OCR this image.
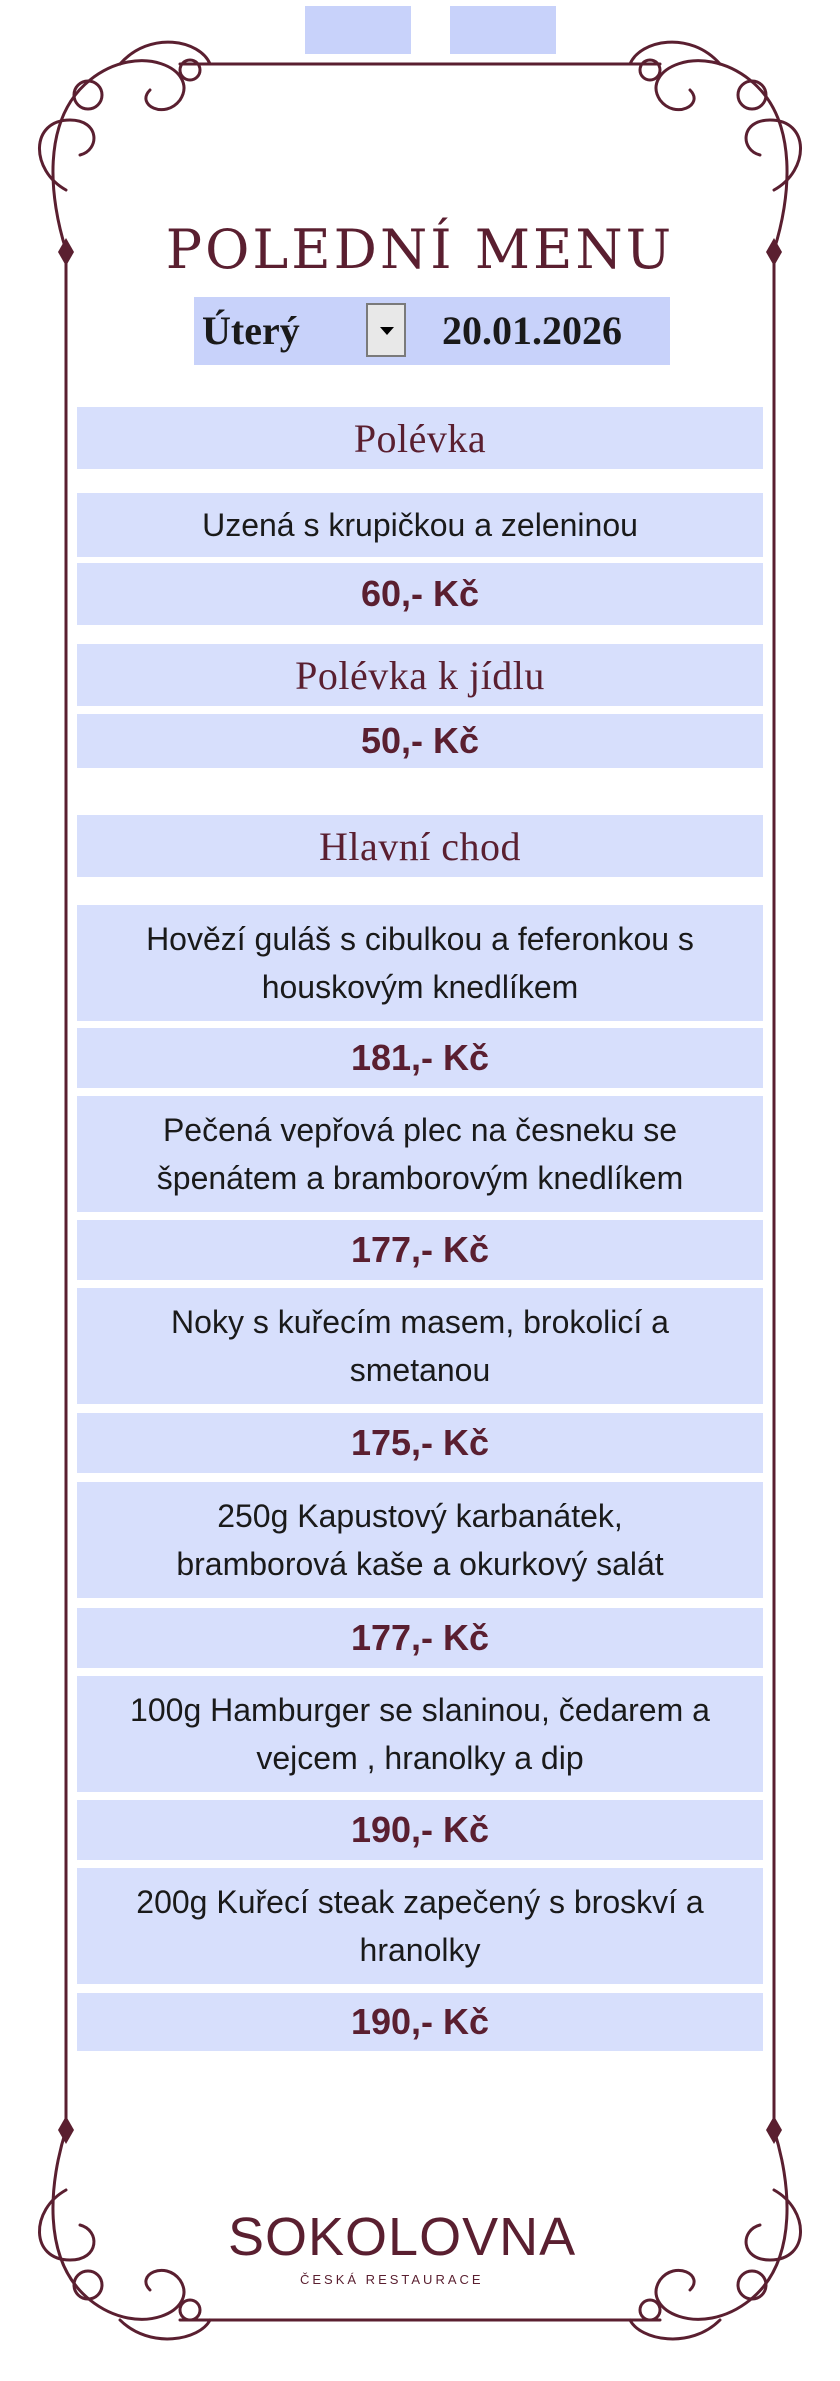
POLEDNÍ MENU
Úterý	20.01.2026
Polévka
Uzená s krupičkou a zeleninou
60,- Kč
Polévka k jídlu
50,- Kč
Hlavní chod
Hovězí guláš s cibulkou a feferonkou s
houskovým knedlíkem
181,- Kč
Pečená vepřová plec na česneku se
špenátem a bramborovým knedlíkem
177,- Kč
Noky s kuřecím masem, brokolicí a
smetanou
175,- Kč
250g Kapustový karbanátek,
bramborová kaše a okurkový salát
177,- Kč
100g Hamburger se slaninou, čedarem a
vejcem , hranolky a dip
190,- Kč
200g Kuřecí steak zapečený s broskví a
hranolky
190,- Kč
SOKOLOVNA
ČESKÁ RESTAURACE
